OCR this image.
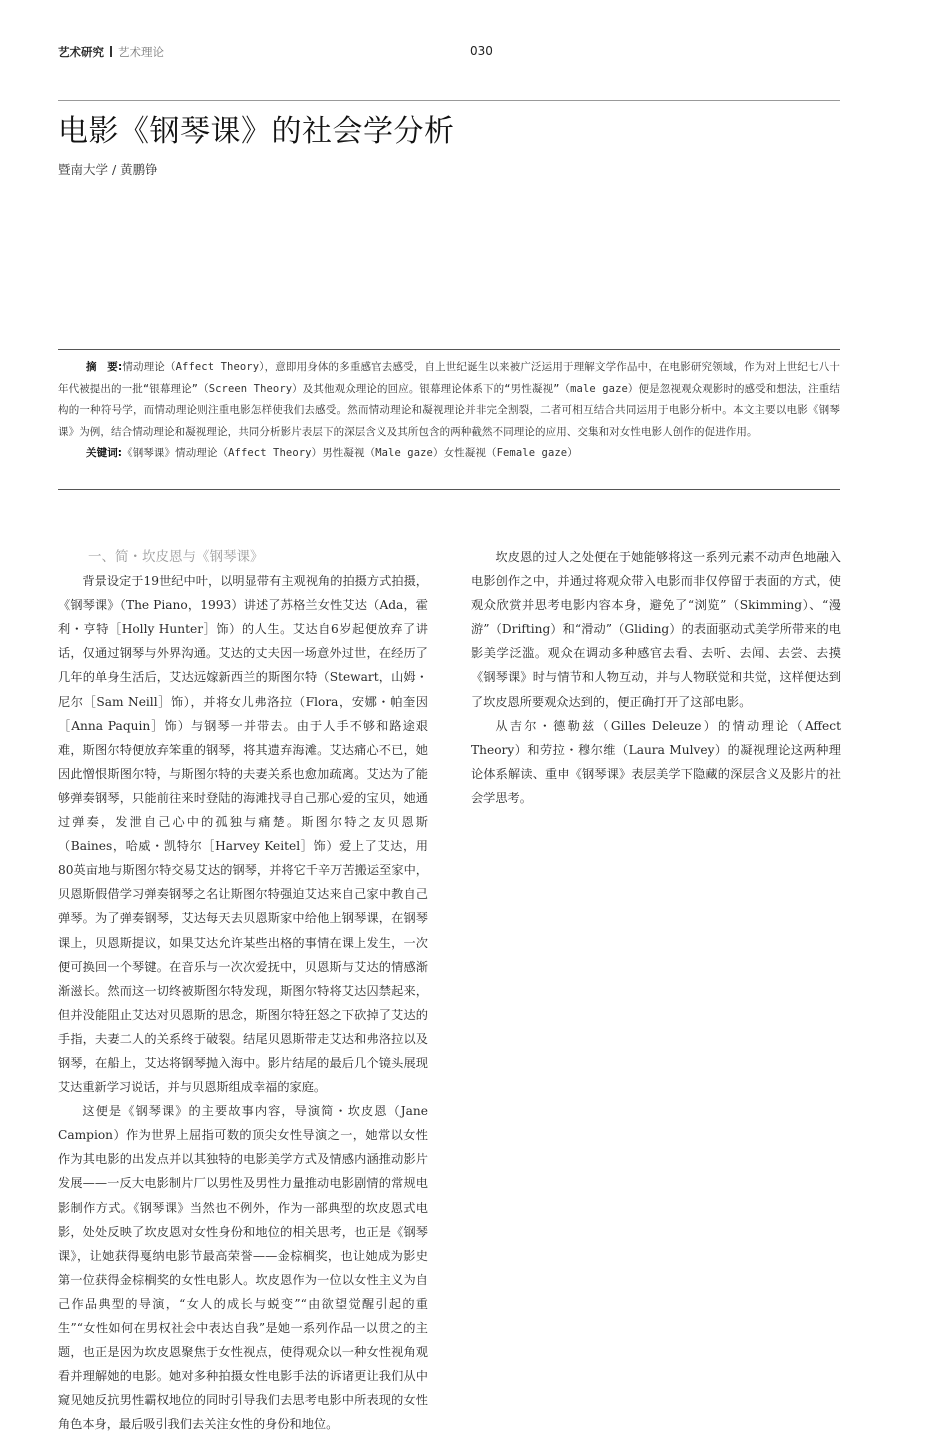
艺术研究 艺术理论	030
电影《钢琴课》的社会学分析
暨南大学 / 黄鹏铮

摘　要:情动理论（Affect Theory），意即用身体的多重感官去感受，自上世纪诞生以来被广泛运用于理解文学作品中，在电影研究领域，作为对上世纪七八十年代被提出的一批“银幕理论”（Screen Theory）及其他观众理论的回应。银幕理论体系下的“男性凝视”（male gaze）便是忽视观众观影时的感受和想法，注重结构的一种符号学，而情动理论则注重电影怎样使我们去感受。然而情动理论和凝视理论并非完全割裂，二者可相互结合共同运用于电影分析中。本文主要以电影《钢琴课》为例，结合情动理论和凝视理论，共同分析影片表层下的深层含义及其所包含的两种截然不同理论的应用、交集和对女性电影人创作的促进作用。

关键词:《钢琴课》情动理论（Affect Theory）男性凝视（Male gaze）女性凝视（Female gaze）

一、简・坎皮恩与《钢琴课》

背景设定于19世纪中叶，以明显带有主观视角的拍摄方式拍摄，《钢琴课》（The Piano，1993）讲述了苏格兰女性艾达（Ada，霍利・亨特［Holly Hunter］饰）的人生。艾达自6岁起便放弃了讲话，仅通过钢琴与外界沟通。艾达的丈夫因一场意外过世，在经历了几年的单身生活后，艾达远嫁新西兰的斯图尔特（Stewart，山姆・尼尔［Sam Neill］饰），并将女儿弗洛拉（Flora，安娜・帕奎因［Anna Paquin］饰）与钢琴一并带去。由于人手不够和路途艰难，斯图尔特便放弃笨重的钢琴，将其遗弃海滩。艾达痛心不已，她因此憎恨斯图尔特，与斯图尔特的夫妻关系也愈加疏离。艾达为了能够弹奏钢琴，只能前往来时登陆的海滩找寻自己那心爱的宝贝，她通过弹奏，发泄自己心中的孤独与痛楚。斯图尔特之友贝恩斯（Baines，哈威・凯特尔［Harvey Keitel］饰）爱上了艾达，用80英亩地与斯图尔特交易艾达的钢琴，并将它千辛万苦搬运至家中，贝恩斯假借学习弹奏钢琴之名让斯图尔特强迫艾达来自己家中教自己弹琴。为了弹奏钢琴，艾达每天去贝恩斯家中给他上钢琴课，在钢琴课上，贝恩斯提议，如果艾达允许某些出格的事情在课上发生，一次便可换回一个琴键。在音乐与一次次爱抚中，贝恩斯与艾达的情感渐渐滋长。然而这一切终被斯图尔特发现，斯图尔特将艾达囚禁起来，但并没能阻止艾达对贝恩斯的思念，斯图尔特狂怒之下砍掉了艾达的手指，夫妻二人的关系终于破裂。结尾贝恩斯带走艾达和弗洛拉以及钢琴，在船上，艾达将钢琴抛入海中。影片结尾的最后几个镜头展现艾达重新学习说话，并与贝恩斯组成幸福的家庭。

这便是《钢琴课》的主要故事内容，导演简・坎皮恩（Jane Campion）作为世界上屈指可数的顶尖女性导演之一，她常以女性作为其电影的出发点并以其独特的电影美学方式及情感内涵推动影片发展——一反大电影制片厂以男性及男性力量推动电影剧情的常规电影制作方式。《钢琴课》当然也不例外，作为一部典型的坎皮恩式电影，处处反映了坎皮恩对女性身份和地位的相关思考，也正是《钢琴课》，让她获得戛纳电影节最高荣誉——金棕榈奖，也让她成为影史第一位获得金棕榈奖的女性电影人。坎皮恩作为一位以女性主义为自己作品典型的导演，“女人的成长与蜕变”“由欲望觉醒引起的重生”“女性如何在男权社会中表达自我”是她一系列作品一以贯之的主题，也正是因为坎皮恩聚焦于女性视点，使得观众以一种女性视角观看并理解她的电影。她对多种拍摄女性电影手法的诉诸更让我们从中窥见她反抗男性霸权地位的同时引导我们去思考电影中所表现的女性角色本身，最后吸引我们去关注女性的身份和地位。

坎皮恩的过人之处便在于她能够将这一系列元素不动声色地融入电影创作之中，并通过将观众带入电影而非仅停留于表面的方式，使观众欣赏并思考电影内容本身，避免了“浏览”（Skimming）、“漫游”（Drifting）和“滑动”（Gliding）的表面驱动式美学所带来的电影美学泛滥。观众在调动多种感官去看、去听、去闻、去尝、去摸《钢琴课》时与情节和人物互动，并与人物联觉和共觉，这样便达到了坎皮恩所要观众达到的，便正确打开了这部电影。

从吉尔・德勒兹（Gilles Deleuze）的情动理论（Affect Theory）和劳拉・穆尔维（Laura Mulvey）的凝视理论这两种理论体系解读、重申《钢琴课》表层美学下隐藏的深层含义及影片的社会学思考。
